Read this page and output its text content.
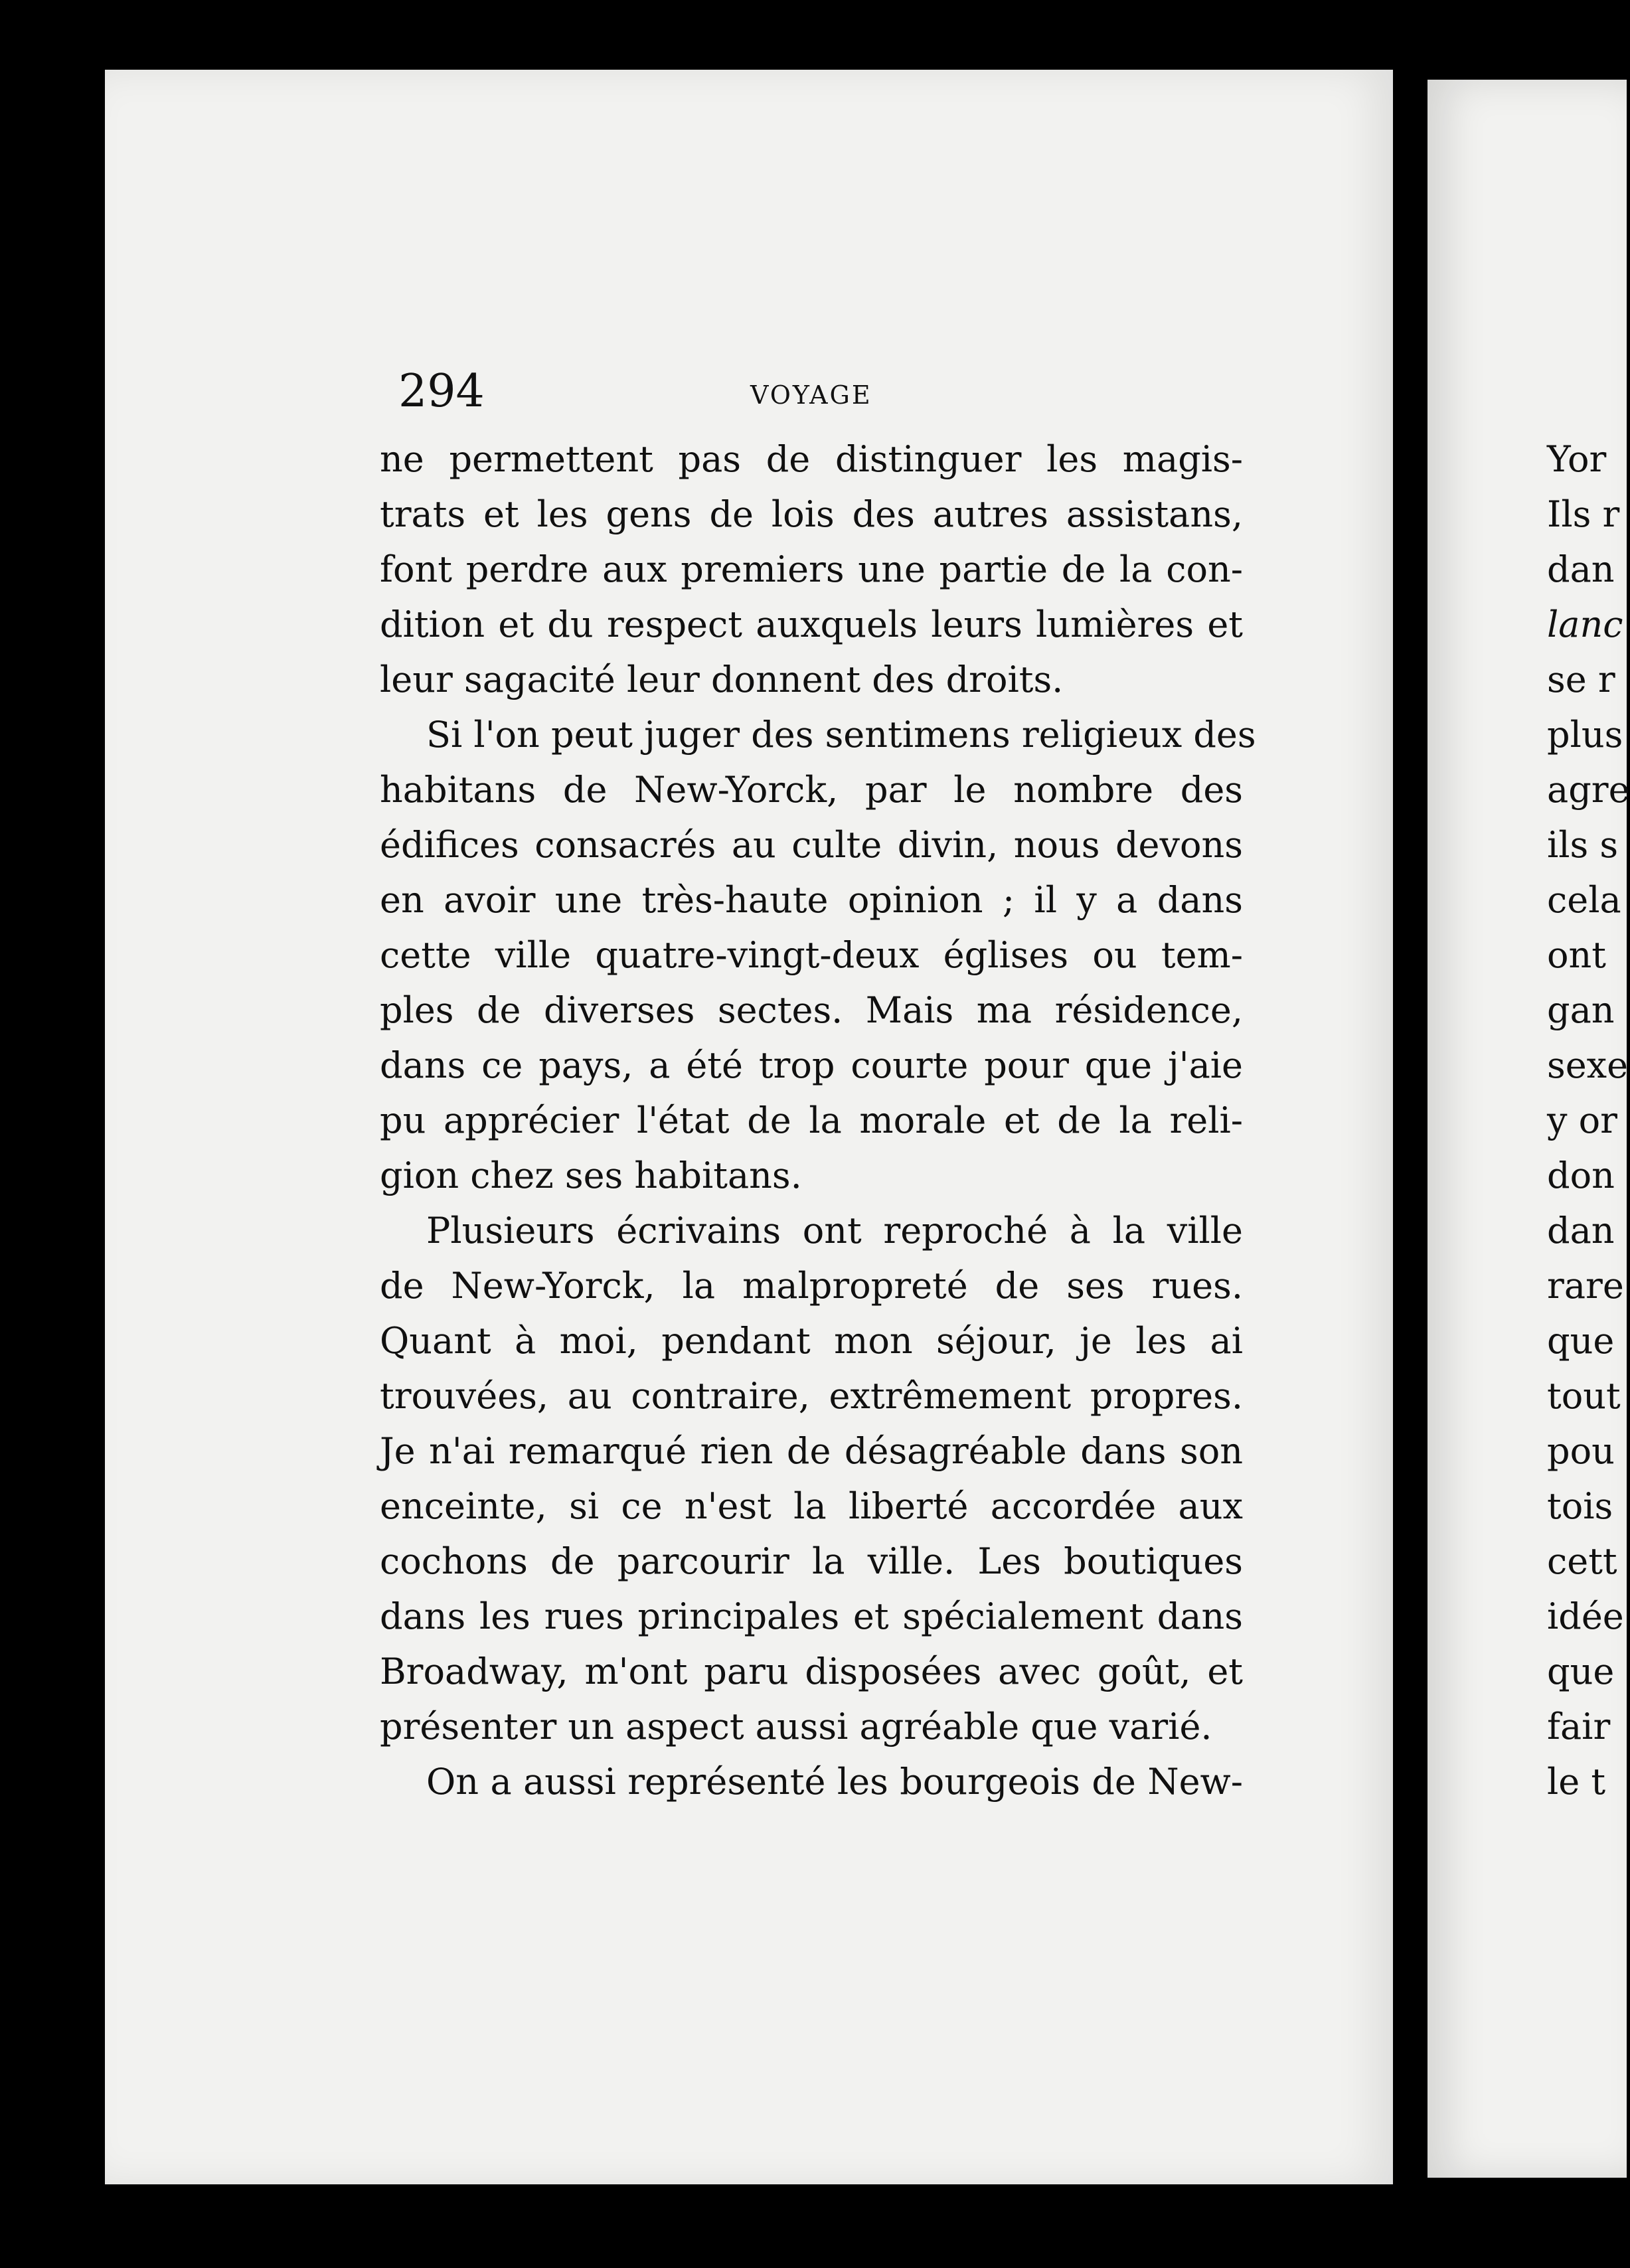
294	VOYAGE

ne permettent pas de distinguer les magis-
trats et les gens de lois des autres assistans,
font perdre aux premiers une partie de la con-
dition et du respect auxquels leurs lumières et
leur sagacité leur donnent des droits.

Si l'on peut juger des sentimens religieux des
habitans de New-Yorck, par le nombre des
édifices consacrés au culte divin, nous devons
en avoir une très-haute opinion ; il y a dans
cette ville quatre-vingt-deux églises ou tem-
ples de diverses sectes. Mais ma résidence,
dans ce pays, a été trop courte pour que j'aie
pu apprécier l'état de la morale et de la reli-
gion chez ses habitans.

Plusieurs écrivains ont reproché à la ville
de New-Yorck, la malpropreté de ses rues.
Quant à moi, pendant mon séjour, je les ai
trouvées, au contraire, extrêmement propres.
Je n'ai remarqué rien de désagréable dans son
enceinte, si ce n'est la liberté accordée aux
cochons de parcourir la ville. Les boutiques
dans les rues principales et spécialement dans
Broadway, m'ont paru disposées avec goût, et
présenter un aspect aussi agréable que varié.

On a aussi représenté les bourgeois de New-

Yor
Ils r
dan
lanc
se r
plus
agre
ils s
cela
ont
gan
sexe
y or
don
dan
rare
que
tout
pou
tois
cett
idée
que
fair
le t
